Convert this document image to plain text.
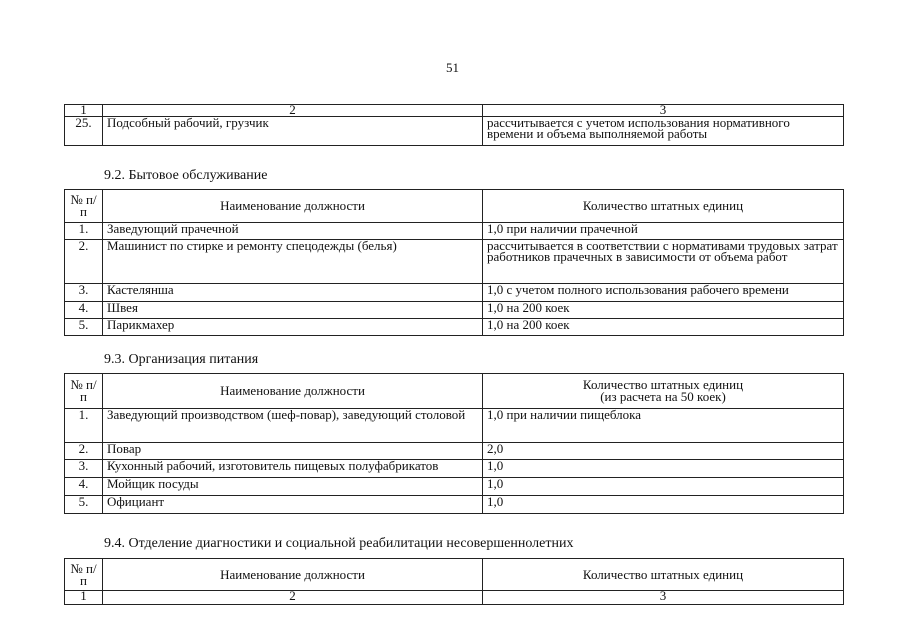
51
1	2	3
25.	Подсобный рабочий, грузчик	рассчитывается с учетом использования нормативного времени и объема выполняемой работы
9.2. Бытовое обслуживание
№ п/п	Наименование должности	Количество штатных единиц
1.	Заведующий прачечной	1,0 при наличии прачечной
2.	Машинист по стирке и ремонту спецодежды (белья)	рассчитывается в соответствии с нормативами трудовых затрат работников прачечных в зависимости от объема работ
3.	Кастелянша	1,0 с учетом полного использования рабочего времени
4.	Швея	1,0 на 200 коек
5.	Парикмахер	1,0 на 200 коек
9.3. Организация питания
№ п/п	Наименование должности	Количество штатных единиц
(из расчета на 50 коек)

1.	Заведующий производством (шеф-повар), заведующий столовой	1,0 при наличии пищеблока
2.	Повар	2,0
3.	Кухонный рабочий, изготовитель пищевых полуфабрикатов	1,0
4.	Мойщик посуды	1,0
5.	Официант	1,0
9.4. Отделение диагностики и социальной реабилитации несовершеннолетних
№ п/п	Наименование должности	Количество штатных единиц
1	2	3
